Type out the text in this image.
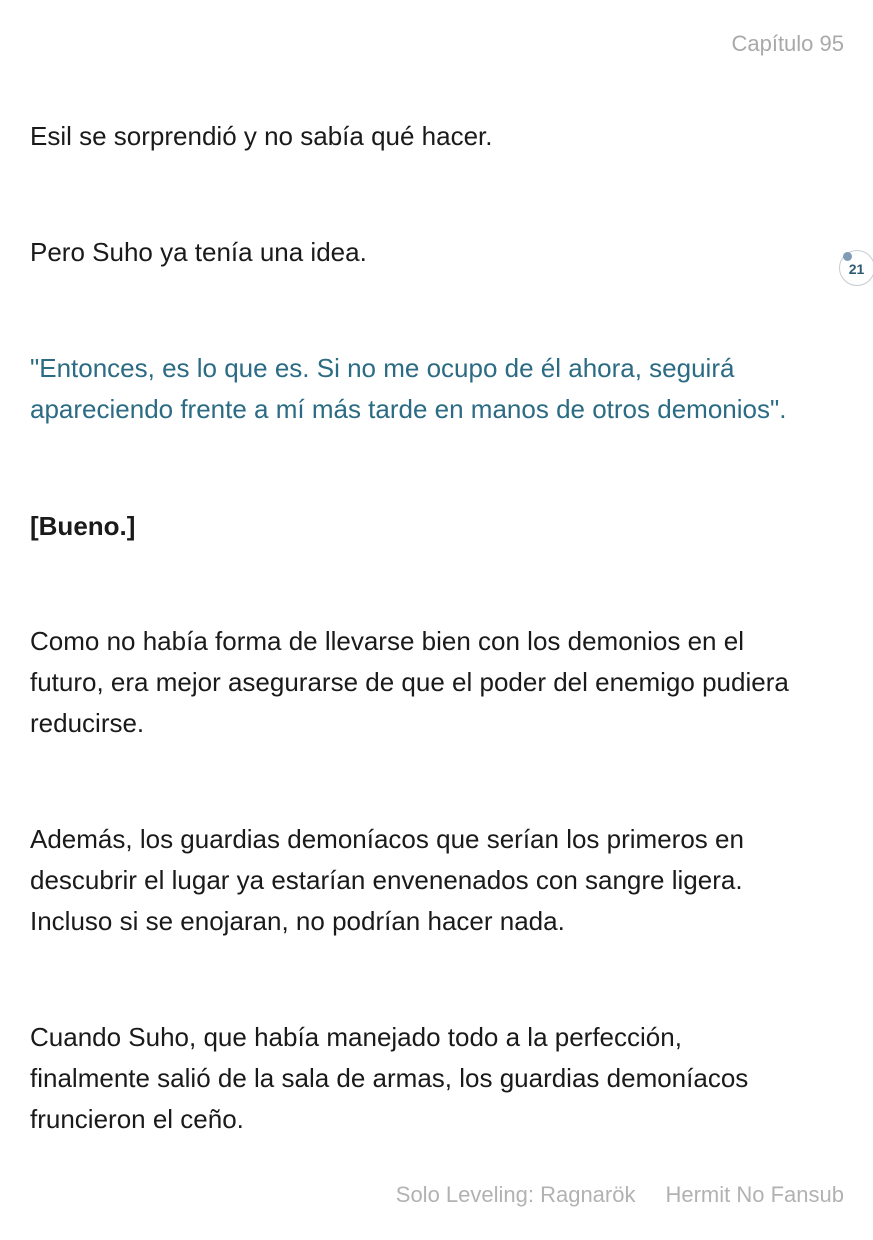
Capítulo 95
21

Esil se sorprendió y no sabía qué hacer.

Pero Suho ya tenía una idea.

"Entonces, es lo que es. Si no me ocupo de él ahora, seguirá
apareciendo frente a mí más tarde en manos de otros demonios".

[Bueno.]

Como no había forma de llevarse bien con los demonios en el
futuro, era mejor asegurarse de que el poder del enemigo pudiera
reducirse.

Además, los guardias demoníacos que serían los primeros en
descubrir el lugar ya estarían envenenados con sangre ligera.
Incluso si se enojaran, no podrían hacer nada.

Cuando Suho, que había manejado todo a la perfección,
finalmente salió de la sala de armas, los guardias demoníacos
fruncieron el ceño.

Solo Leveling: Ragnarök Hermit No Fansub
